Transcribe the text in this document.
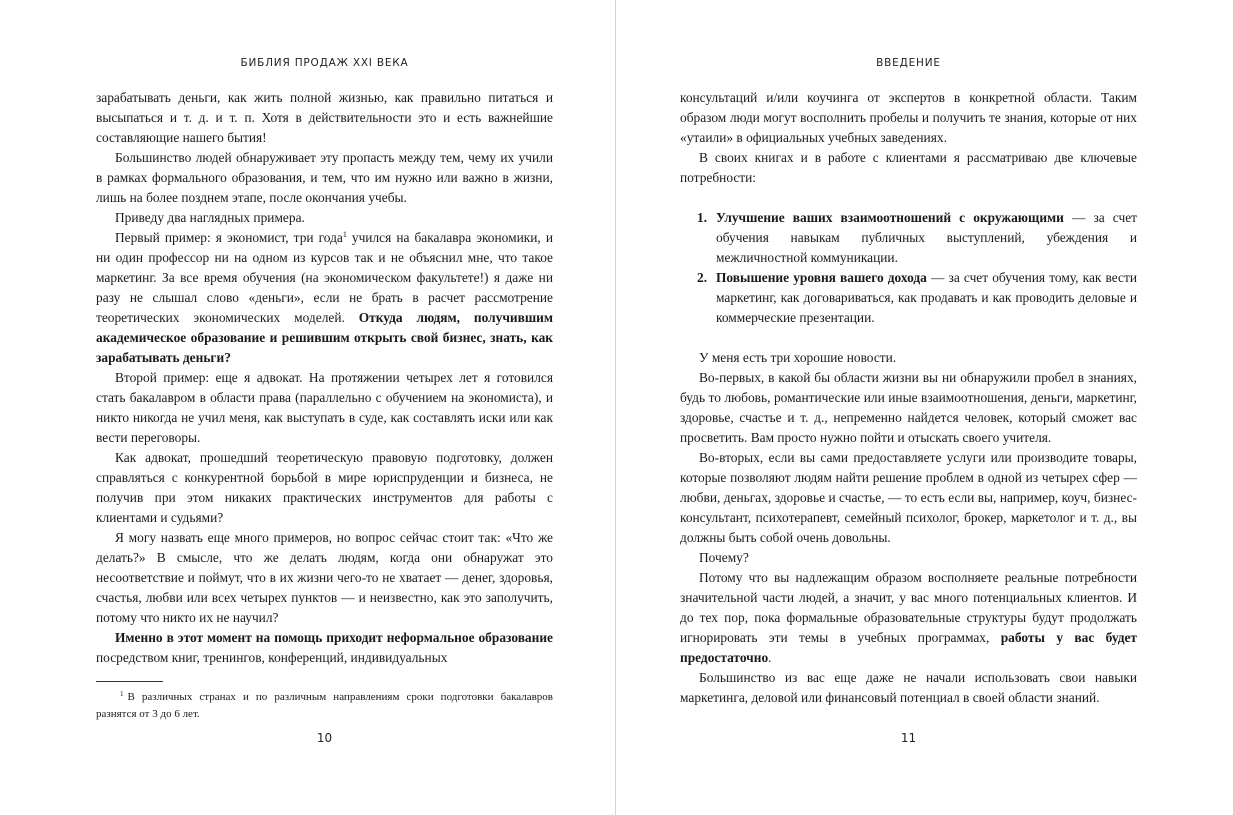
БИБЛИЯ ПРОДАЖ XXI ВЕКА

зарабатывать деньги, как жить полной жизнью, как правильно питаться и высыпаться и т. д. и т. п. Хотя в действительности это и есть важнейшие составляющие нашего бытия!

Большинство людей обнаруживает эту пропасть между тем, чему их учили в рамках формального образования, и тем, что им нужно или важно в жизни, лишь на более позднем этапе, после окончания учебы.

Приведу два наглядных примера.

Первый пример: я экономист, три года$^1$ учился на бакалавра экономики, и ни один профессор ни на одном из курсов так и не объяснил мне, что такое маркетинг. За все время обучения (на экономическом факультете!) я даже ни разу не слышал слово «деньги», если не брать в расчет рассмотрение теоретических экономических моделей. Откуда людям, получившим академическое образование и решившим открыть свой бизнес, знать, как зарабатывать деньги?

Второй пример: еще я адвокат. На протяжении четырех лет я готовился стать бакалавром в области права (параллельно с обучением на экономиста), и никто никогда не учил меня, как выступать в суде, как составлять иски или как вести переговоры.

Как адвокат, прошедший теоретическую правовую подготовку, должен справляться с конкурентной борьбой в мире юриспруденции и бизнеса, не получив при этом никаких практических инструментов для работы с клиентами и судьями?

Я могу назвать еще много примеров, но вопрос сейчас стоит так: «Что же делать?» В смысле, что же делать людям, когда они обнаружат это несоответствие и поймут, что в их жизни чего-то не хватает — денег, здоровья, счастья, любви или всех четырех пунктов — и неизвестно, как это заполучить, потому что никто их не научил?

Именно в этот момент на помощь приходит неформальное образование посредством книг, тренингов, конференций, индивидуальных

$^1$ В различных странах и по различным направлениям сроки подготовки бакалавров разнятся от 3 до 6 лет.
10
ВВЕДЕНИЕ

консультаций и/или коучинга от экспертов в конкретной области. Таким образом люди могут восполнить пробелы и получить те знания, которые от них «утаили» в официальных учебных заведениях.

В своих книгах и в работе с клиентами я рассматриваю две ключевые потребности:

1. Улучшение ваших взаимоотношений с окружающими — за счет обучения навыкам публичных выступлений, убеждения и межличностной коммуникации.
2. Повышение уровня вашего дохода — за счет обучения тому, как вести маркетинг, как договариваться, как продавать и как проводить деловые и коммерческие презентации.

У меня есть три хорошие новости.

Во-первых, в какой бы области жизни вы ни обнаружили пробел в знаниях, будь то любовь, романтические или иные взаимоотношения, деньги, маркетинг, здоровье, счастье и т. д., непременно найдется человек, который сможет вас просветить. Вам просто нужно пойти и отыскать своего учителя.

Во-вторых, если вы сами предоставляете услуги или производите товары, которые позволяют людям найти решение проблем в одной из четырех сфер — любви, деньгах, здоровье и счастье, — то есть если вы, например, коуч, бизнес-консультант, психотерапевт, семейный психолог, брокер, маркетолог и т. д., вы должны быть собой очень довольны.

Почему?

Потому что вы надлежащим образом восполняете реальные потребности значительной части людей, а значит, у вас много потенциальных клиентов. И до тех пор, пока формальные образовательные структуры будут продолжать игнорировать эти темы в учебных программах, работы у вас будет предостаточно.

Большинство из вас еще даже не начали использовать свои навыки маркетинга, деловой или финансовый потенциал в своей области знаний.

11
